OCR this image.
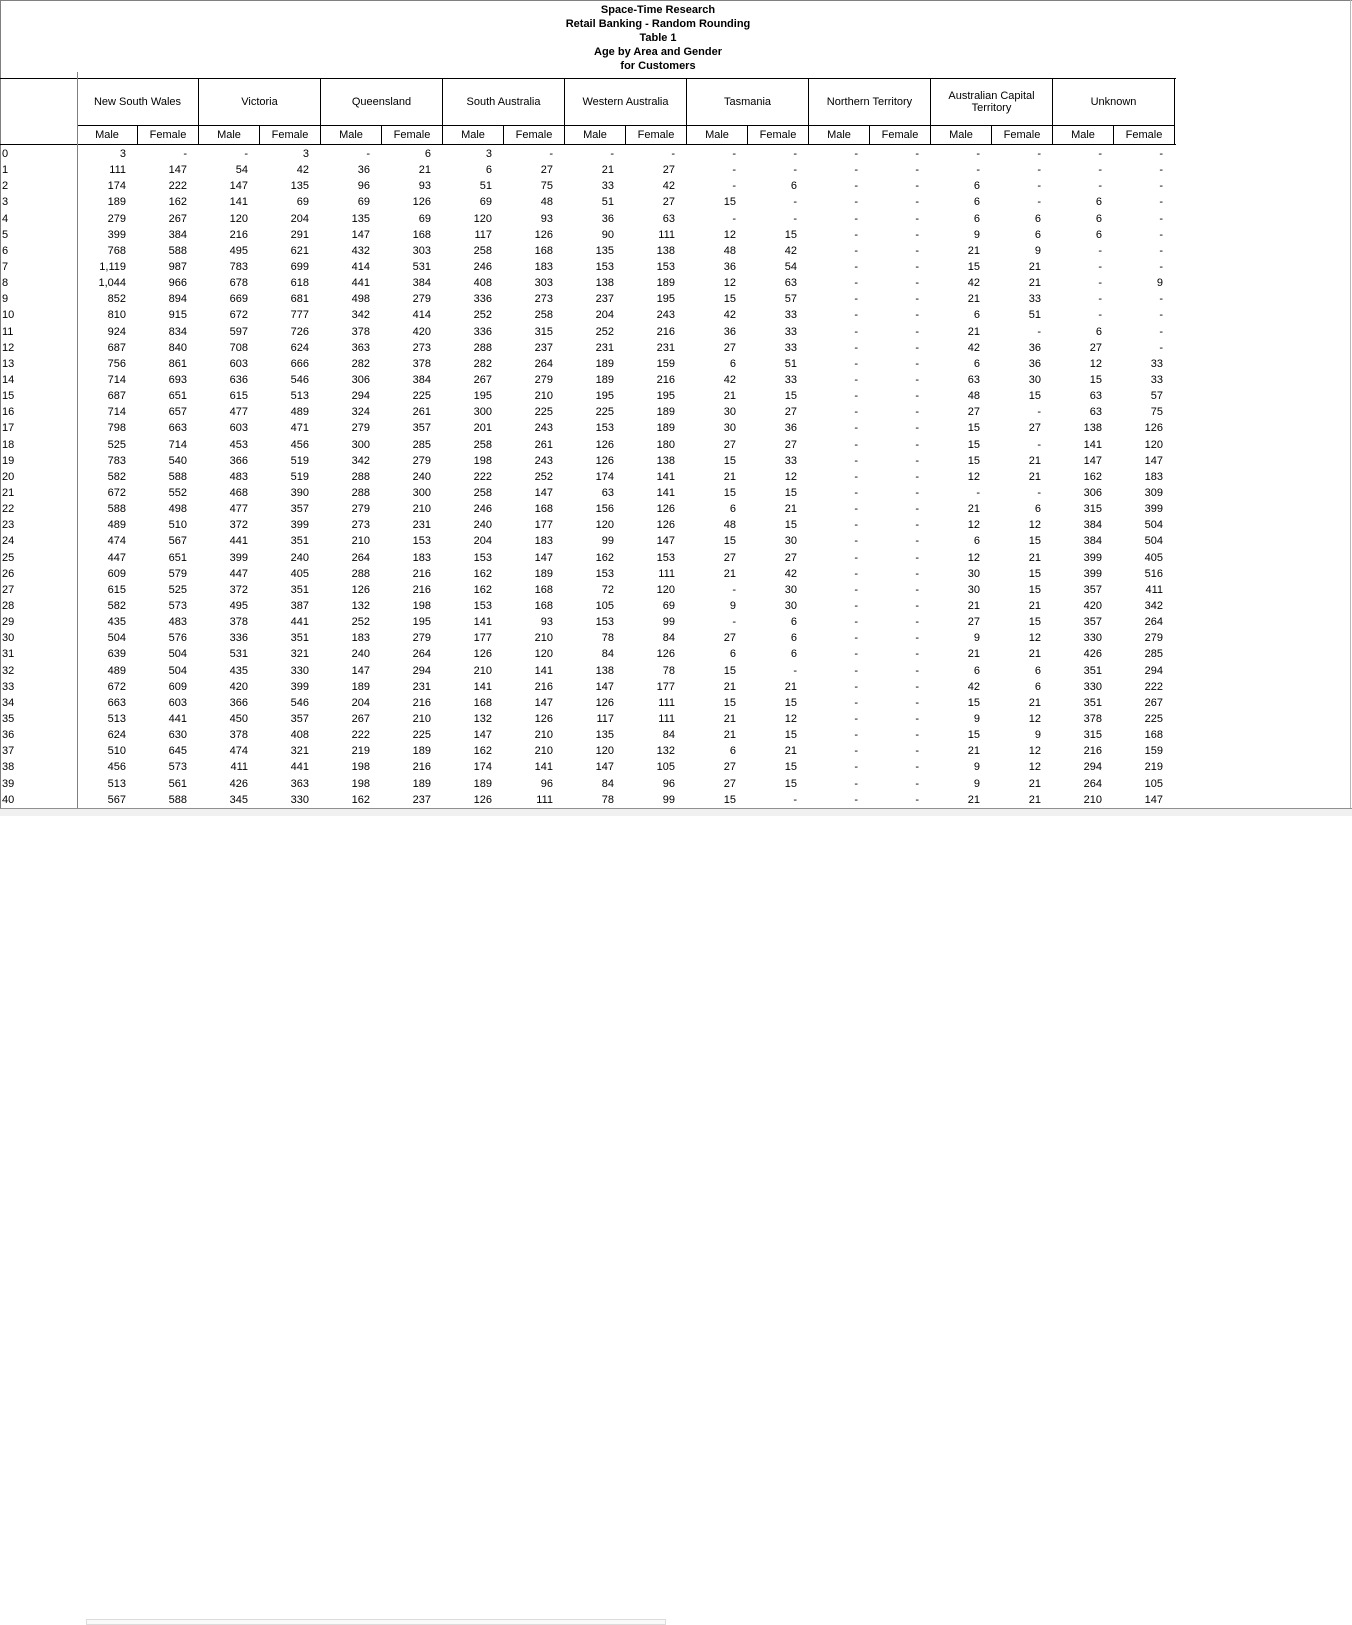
Space-Time Research
Retail Banking - Random Rounding
Table 1
Age by Area and Gender
for Customers
New South Wales
Male	Female
Victoria
Male	Female
Queensland
Male	Female
South Australia
Male	Female
Western Australia
Male	Female
Tasmania
Male	Female
Northern Territory
Male	Female
Australian Capital Territory
Male	Female
Unknown
Male	Female
0	3	-	-	3	-	6	3	-	-	-	-	-	-	-	-	-	-	-
1	111	147	54	42	36	21	6	27	21	27	-	-	-	-	-	-	-	-
2	174	222	147	135	96	93	51	75	33	42	-	6	-	-	6	-	-	-
3	189	162	141	69	69	126	69	48	51	27	15	-	-	-	6	-	6	-
4	279	267	120	204	135	69	120	93	36	63	-	-	-	-	6	6	6	-
5	399	384	216	291	147	168	117	126	90	111	12	15	-	-	9	6	6	-
6	768	588	495	621	432	303	258	168	135	138	48	42	-	-	21	9	-	-
7	1,119	987	783	699	414	531	246	183	153	153	36	54	-	-	15	21	-	-
8	1,044	966	678	618	441	384	408	303	138	189	12	63	-	-	42	21	-	9
9	852	894	669	681	498	279	336	273	237	195	15	57	-	-	21	33	-	-
10	810	915	672	777	342	414	252	258	204	243	42	33	-	-	6	51	-	-
11	924	834	597	726	378	420	336	315	252	216	36	33	-	-	21	-	6	-
12	687	840	708	624	363	273	288	237	231	231	27	33	-	-	42	36	27	-
13	756	861	603	666	282	378	282	264	189	159	6	51	-	-	6	36	12	33
14	714	693	636	546	306	384	267	279	189	216	42	33	-	-	63	30	15	33
15	687	651	615	513	294	225	195	210	195	195	21	15	-	-	48	15	63	57
16	714	657	477	489	324	261	300	225	225	189	30	27	-	-	27	-	63	75
17	798	663	603	471	279	357	201	243	153	189	30	36	-	-	15	27	138	126
18	525	714	453	456	300	285	258	261	126	180	27	27	-	-	15	-	141	120
19	783	540	366	519	342	279	198	243	126	138	15	33	-	-	15	21	147	147
20	582	588	483	519	288	240	222	252	174	141	21	12	-	-	12	21	162	183
21	672	552	468	390	288	300	258	147	63	141	15	15	-	-	-	-	306	309
22	588	498	477	357	279	210	246	168	156	126	6	21	-	-	21	6	315	399
23	489	510	372	399	273	231	240	177	120	126	48	15	-	-	12	12	384	504
24	474	567	441	351	210	153	204	183	99	147	15	30	-	-	6	15	384	504
25	447	651	399	240	264	183	153	147	162	153	27	27	-	-	12	21	399	405
26	609	579	447	405	288	216	162	189	153	111	21	42	-	-	30	15	399	516
27	615	525	372	351	126	216	162	168	72	120	-	30	-	-	30	15	357	411
28	582	573	495	387	132	198	153	168	105	69	9	30	-	-	21	21	420	342
29	435	483	378	441	252	195	141	93	153	99	-	6	-	-	27	15	357	264
30	504	576	336	351	183	279	177	210	78	84	27	6	-	-	9	12	330	279
31	639	504	531	321	240	264	126	120	84	126	6	6	-	-	21	21	426	285
32	489	504	435	330	147	294	210	141	138	78	15	-	-	-	6	6	351	294
33	672	609	420	399	189	231	141	216	147	177	21	21	-	-	42	6	330	222
34	663	603	366	546	204	216	168	147	126	111	15	15	-	-	15	21	351	267
35	513	441	450	357	267	210	132	126	117	111	21	12	-	-	9	12	378	225
36	624	630	378	408	222	225	147	210	135	84	21	15	-	-	15	9	315	168
37	510	645	474	321	219	189	162	210	120	132	6	21	-	-	21	12	216	159
38	456	573	411	441	198	216	174	141	147	105	27	15	-	-	9	12	294	219
39	513	561	426	363	198	189	189	96	84	96	27	15	-	-	9	21	264	105
40	567	588	345	330	162	237	126	111	78	99	15	-	-	-	21	21	210	147
